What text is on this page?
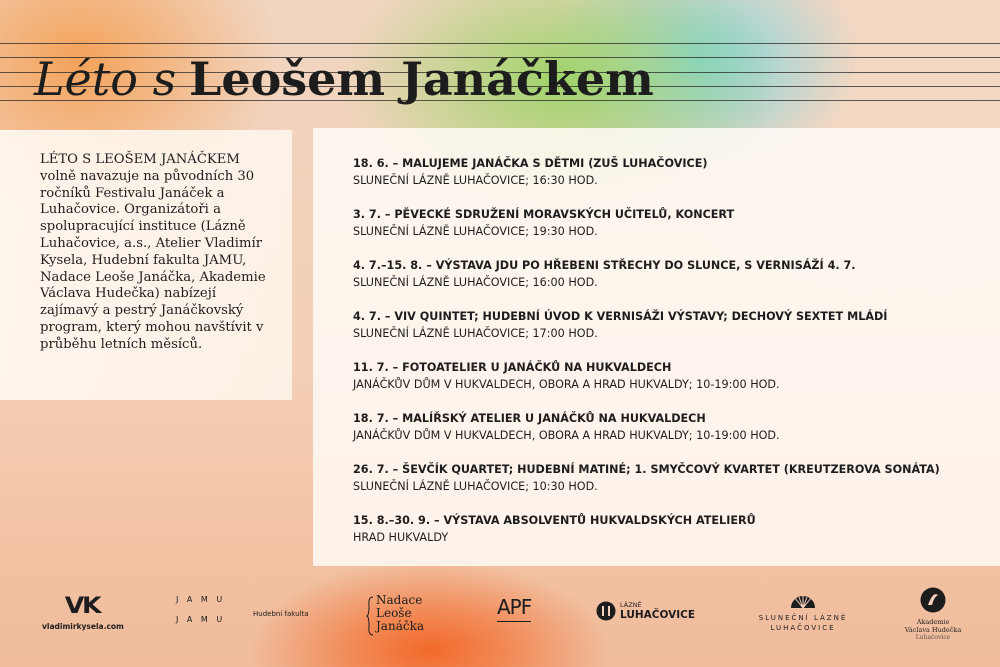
Léto s Leošem Janáčkem

LÉTO S LEOŠEM JANÁČKEM volně navazuje na původních 30 ročníků Festivalu Janáček a Luhačovice. Organizátoři a spolupracující instituce (Lázně Luhačovice, a.s., Atelier Vladimír Kysela, Hudební fakulta JAMU, Nadace Leoše Janáčka, Akademie Václava Hudečka) nabízejí zajímavý a pestrý Janáčkovský program, který mohou navštívit v průběhu letních měsíců.

18. 6. – MALUJEME JANÁČKA S DĚTMI (ZUŠ LUHAČOVICE)
SLUNEČNÍ LÁZNĚ LUHAČOVICE; 16:30 HOD.
3. 7. – PĚVECKÉ SDRUŽENÍ MORAVSKÝCH UČITELŮ, KONCERT
SLUNEČNÍ LÁZNĚ LUHAČOVICE; 19:30 HOD.
4. 7.–15. 8. – VÝSTAVA JDU PO HŘEBENI STŘECHY DO SLUNCE, S VERNISÁŽÍ 4. 7.
SLUNEČNÍ LÁZNĚ LUHAČOVICE; 16:00 HOD.
4. 7. – VIV QUINTET; HUDEBNÍ ÚVOD K VERNISÁŽI VÝSTAVY; DECHOVÝ SEXTET MLÁDÍ
SLUNEČNÍ LÁZNĚ LUHAČOVICE; 17:00 HOD.
11. 7. – FOTOATELIER U JANÁČKŮ NA HUKVALDECH
JANÁČKŮV DŮM V HUKVALDECH, OBORA A HRAD HUKVALDY; 10-19:00 HOD.
18. 7. – MALÍŘSKÝ ATELIER U JANÁČKŮ NA HUKVALDECH
JANÁČKŮV DŮM V HUKVALDECH, OBORA A HRAD HUKVALDY; 10-19:00 HOD.
26. 7. – ŠEVČÍK QUARTET; HUDEBNÍ MATINÉ; 1. SMYČCOVÝ KVARTET (KREUTZEROVA SONÁTA)
SLUNEČNÍ LÁZNĚ LUHAČOVICE; 10:30 HOD.
15. 8.–30. 9. – VÝSTAVA ABSOLVENTŮ HUKVALDSKÝCH ATELIERŮ
HRAD HUKVALDY
VK
vladimirkysela.com
J A M U
J A M U
Hudební fakulta
Nadace
Leoše
Janáčka
APF	LÁZNĚ
LUHAČOVICE	SLUNEČNÍ LÁZNĚ
LUHAČOVICE
Akademie
Václava Hudečka
Luhačovice
